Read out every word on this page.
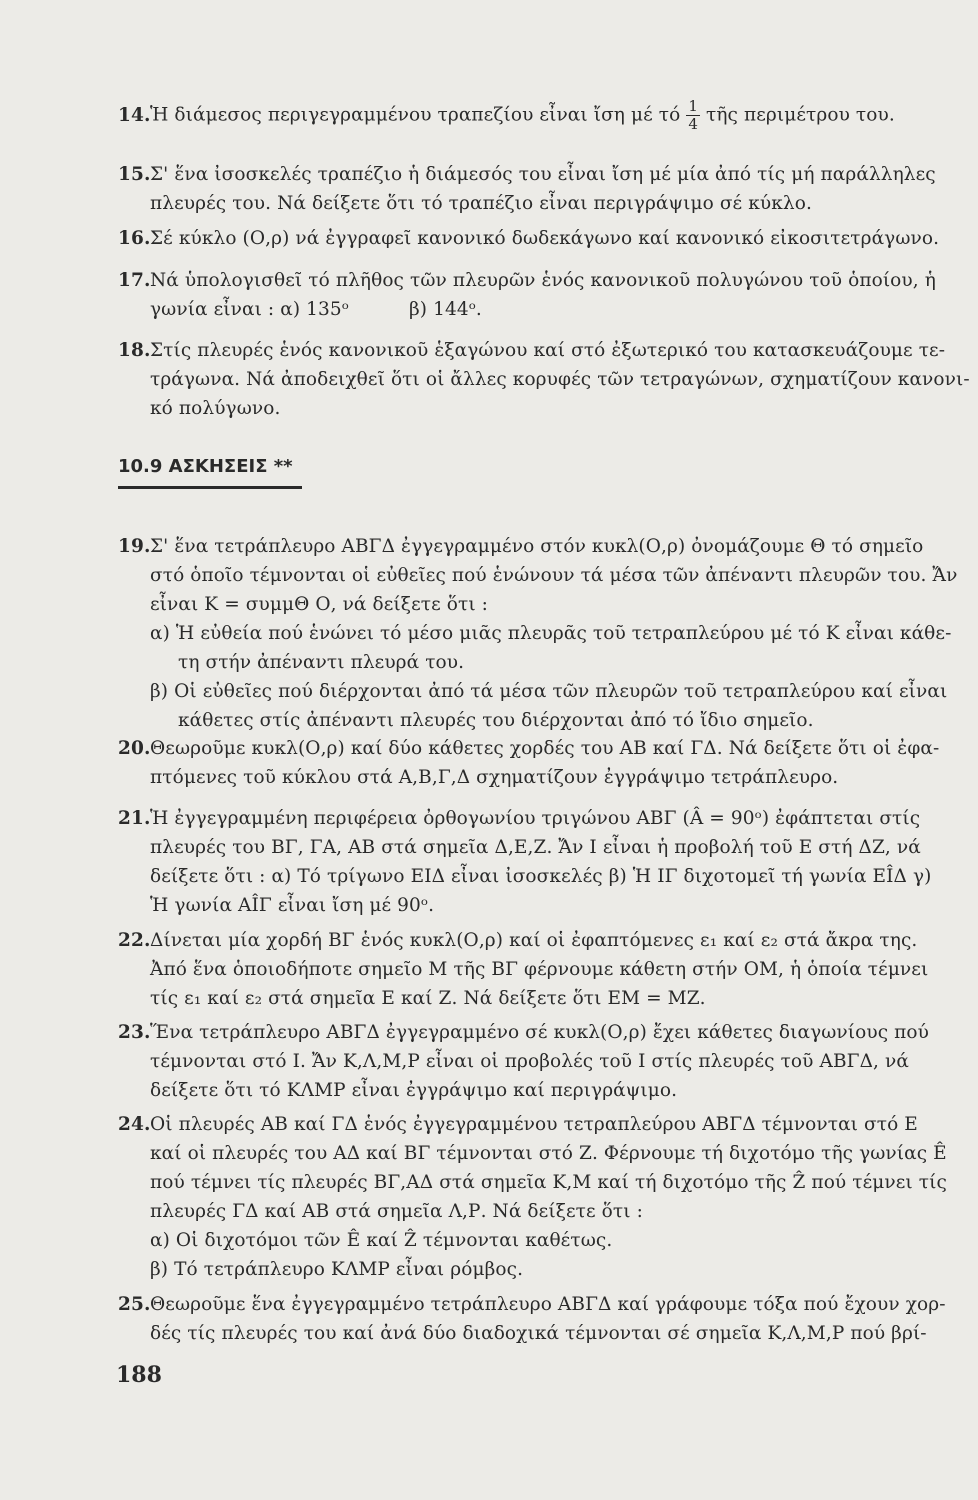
14.Ἡ διάμεσος περιγεγραμμένου τραπεζίου εἶναι ἴση μέ τό $\frac{1}{4}$ τῆς περιμέτρου του.
15.Σ' ἕνα ἰσοσκελές τραπέζιο ἡ διάμεσός του εἶναι ἴση μέ μία ἀπό τίς μή παράλληλες
πλευρές του. Νά δείξετε ὅτι τό τραπέζιο εἶναι περιγράψιμο σέ κύκλο.
16.Σέ κύκλο (Ο,ρ) νά ἐγγραφεῖ κανονικό δωδεκάγωνο καί κανονικό εἰκοσιτετράγωνο.
17.Νά ὑπολογισθεῖ τό πλῆθος τῶν πλευρῶν ἑνός κανονικοῦ πολυγώνου τοῦ ὁποίου, ἡ
γωνία εἶναι : α) 135ᵒ	β) 144ᵒ.
18.Στίς πλευρές ἑνός κανονικοῦ ἑξαγώνου καί στό ἐξωτερικό του κατασκευάζουμε τε-
τράγωνα. Νά ἀποδειχθεῖ ὅτι οἱ ἄλλες κορυφές τῶν τετραγώνων, σχηματίζουν κανονι-
κό πολύγωνο.
10.9 ΑΣΚΗΣΕΙΣ **
19.Σ' ἕνα τετράπλευρο ΑΒΓΔ ἐγγεγραμμένο στόν κυκλ(Ο,ρ) ὀνομάζουμε Θ τό σημεῖο
στό ὁποῖο τέμνονται οἱ εὐθεῖες πού ἑνώνουν τά μέσα τῶν ἀπέναντι πλευρῶν του. Ἄν
εἶναι Κ = συμμΘ Ο, νά δείξετε ὅτι :
α) Ἡ εὐθεία πού ἑνώνει τό μέσο μιᾶς πλευρᾶς τοῦ τετραπλεύρου μέ τό Κ εἶναι κάθε-
τη στήν ἀπέναντι πλευρά του.
β) Οἱ εὐθεῖες πού διέρχονται ἀπό τά μέσα τῶν πλευρῶν τοῦ τετραπλεύρου καί εἶναι
κάθετες στίς ἀπέναντι πλευρές του διέρχονται ἀπό τό ἴδιο σημεῖο.
20.Θεωροῦμε κυκλ(Ο,ρ) καί δύο κάθετες χορδές του ΑΒ καί ΓΔ. Νά δείξετε ὅτι οἱ ἐφα-
πτόμενες τοῦ κύκλου στά Α,Β,Γ,Δ σχηματίζουν ἐγγράψιμο τετράπλευρο.
21.Ἡ ἐγγεγραμμένη περιφέρεια ὀρθογωνίου τριγώνου ΑΒΓ (Â = 90ᵒ) ἐφάπτεται στίς
πλευρές του ΒΓ, ΓΑ, ΑΒ στά σημεῖα Δ,Ε,Ζ. Ἄν Ι εἶναι ἡ προβολή τοῦ Ε στή ΔΖ, νά
δείξετε ὅτι : α) Τό τρίγωνο ΕΙΔ εἶναι ἰσοσκελές β) Ἡ ΙΓ διχοτομεῖ τή γωνία ΕÎΔ γ)
Ἡ γωνία ΑÎΓ εἶναι ἴση μέ 90ᵒ.
22.Δίνεται μία χορδή ΒΓ ἑνός κυκλ(Ο,ρ) καί οἱ ἐφαπτόμενες ε₁ καί ε₂ στά ἄκρα της.
Ἀπό ἕνα ὁποιοδήποτε σημεῖο Μ τῆς ΒΓ φέρνουμε κάθετη στήν ΟΜ, ἡ ὁποία τέμνει
τίς ε₁ καί ε₂ στά σημεῖα Ε καί Ζ. Νά δείξετε ὅτι ΕΜ = ΜΖ.
23.Ἕνα τετράπλευρο ΑΒΓΔ ἐγγεγραμμένο σέ κυκλ(Ο,ρ) ἔχει κάθετες διαγωνίους πού
τέμνονται στό Ι. Ἄν Κ,Λ,Μ,Ρ εἶναι οἱ προβολές τοῦ Ι στίς πλευρές τοῦ ΑΒΓΔ, νά
δείξετε ὅτι τό ΚΛΜΡ εἶναι ἐγγράψιμο καί περιγράψιμο.
24.Οἱ πλευρές ΑΒ καί ΓΔ ἑνός ἐγγεγραμμένου τετραπλεύρου ΑΒΓΔ τέμνονται στό Ε
καί οἱ πλευρές του ΑΔ καί ΒΓ τέμνονται στό Ζ. Φέρνουμε τή διχοτόμο τῆς γωνίας Ê
πού τέμνει τίς πλευρές ΒΓ,ΑΔ στά σημεῖα Κ,Μ καί τή διχοτόμο τῆς Ẑ πού τέμνει τίς
πλευρές ΓΔ καί ΑΒ στά σημεῖα Λ,Ρ. Νά δείξετε ὅτι :
α) Οἱ διχοτόμοι τῶν Ê καί Ẑ τέμνονται καθέτως.
β) Τό τετράπλευρο ΚΛΜΡ εἶναι ρόμβος.
25.Θεωροῦμε ἕνα ἐγγεγραμμένο τετράπλευρο ΑΒΓΔ καί γράφουμε τόξα πού ἔχουν χορ-
δές τίς πλευρές του καί ἀνά δύο διαδοχικά τέμνονται σέ σημεῖα Κ,Λ,Μ,Ρ πού βρί-
188
